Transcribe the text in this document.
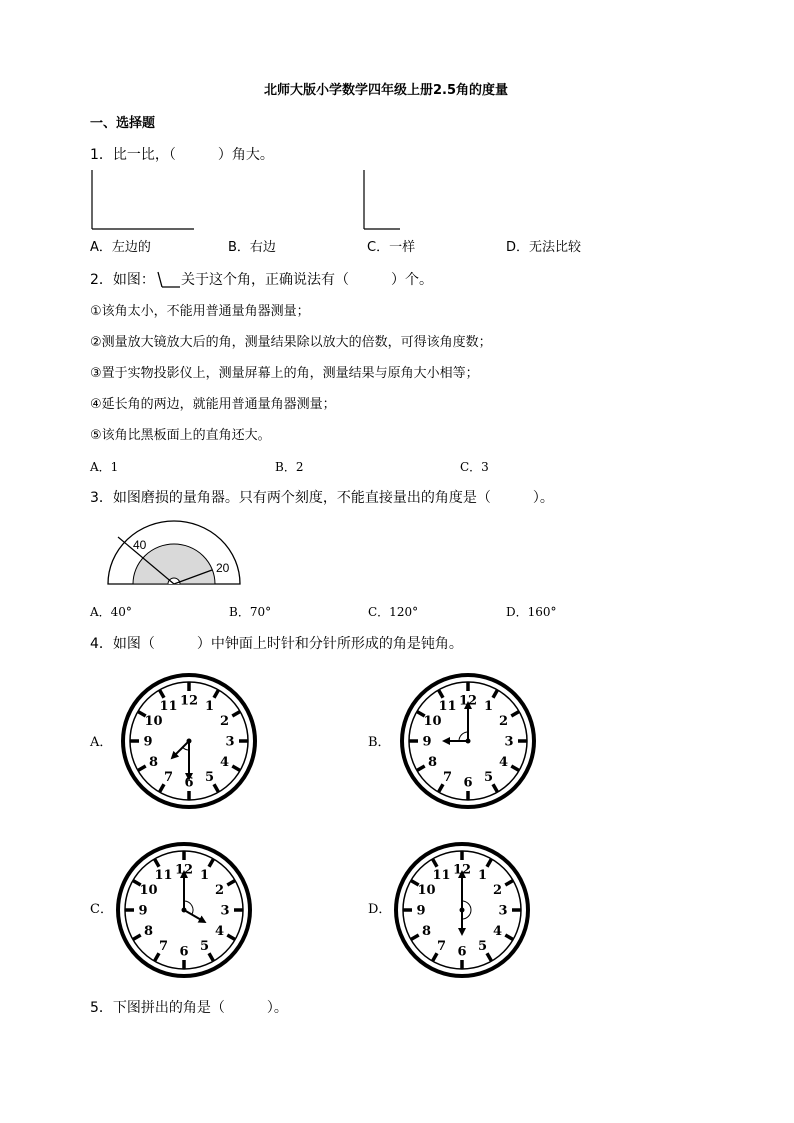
北师大版小学数学四年级上册2.5角的度量
一、选择题
1．比一比，（　　　）角大。
A．左边的	B．右边	C．一样	D．无法比较
2．如图： 关于这个角，正确说法有（　　　）个。
①该角太小，不能用普通量角器测量；
②测量放大镜放大后的角，测量结果除以放大的倍数，可得该角度数；
③置于实物投影仪上，测量屏幕上的角，测量结果与原角大小相等；
④延长角的两边，就能用普通量角器测量；
⑤该角比黑板面上的直角还大。
A．1	B．2	C．3
3．如图磨损的量角器。只有两个刻度，不能直接量出的角度是（　　　）。
40
20
A．40°	B．70°	C．120°	D．160°
4．如图（　　　）中钟面上时针和分针所形成的角是钝角。
A．	B．
C．	D．
12 1
2
3
4
5
6
7
8
9
10
11	12 1
2
3
4
5
6
7
8
9
10
11
12 1
2
3
4
5
6
7
8
9
10
11	12 1
2
3
4
5
6
7
8
9
10
11
5．下图拼出的角是（　　　）。
